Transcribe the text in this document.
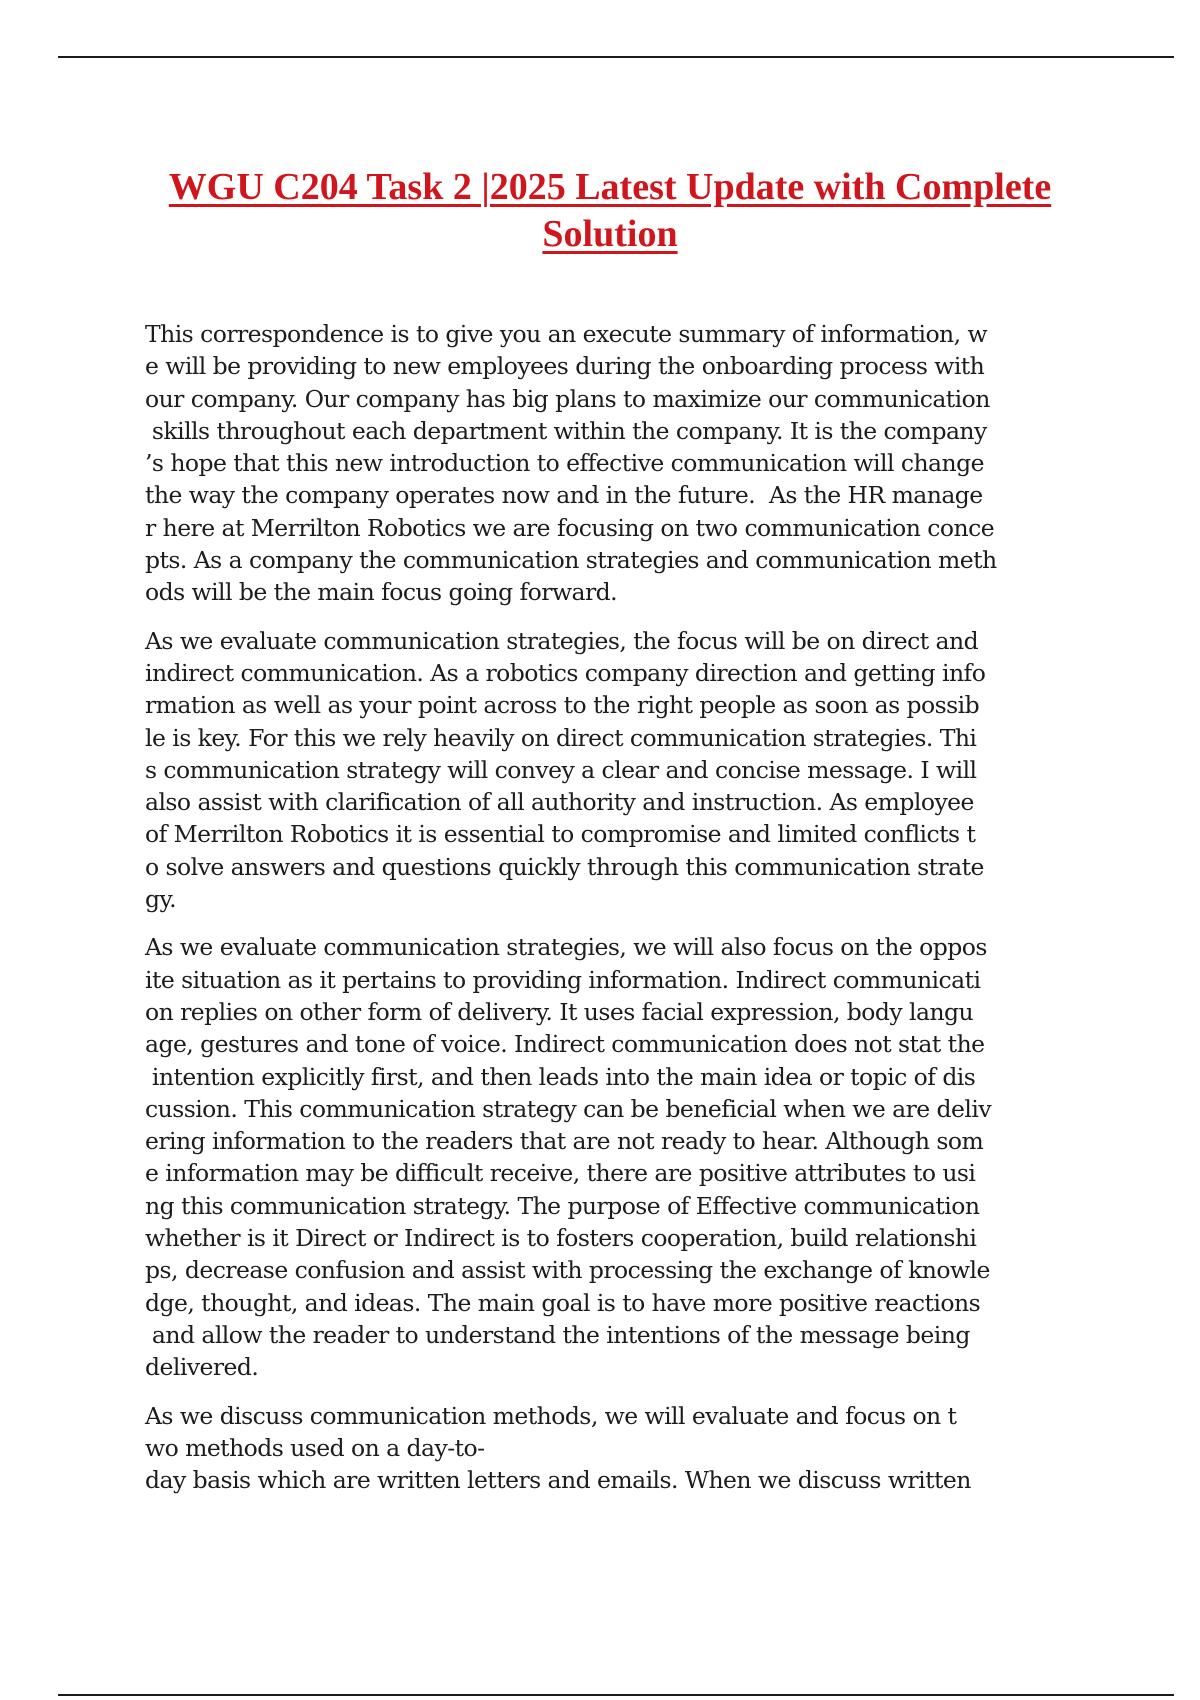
WGU C204 Task 2 |2025 Latest Update with Complete
Solution
This correspondence is to give you an execute summary of information, w
e will be providing to new employees during the onboarding process with
our company. Our company has big plans to maximize our communication
skills throughout each department within the company. It is the company
’s hope that this new introduction to effective communication will change
the way the company operates now and in the future.  As the HR manage
r here at Merrilton Robotics we are focusing on two communication conce
pts. As a company the communication strategies and communication meth
ods will be the main focus going forward.
As we evaluate communication strategies, the focus will be on direct and
indirect communication. As a robotics company direction and getting info
rmation as well as your point across to the right people as soon as possib
le is key. For this we rely heavily on direct communication strategies. Thi
s communication strategy will convey a clear and concise message. I will
also assist with clarification of all authority and instruction. As employee
of Merrilton Robotics it is essential to compromise and limited conflicts t
o solve answers and questions quickly through this communication strate
gy.
As we evaluate communication strategies, we will also focus on the oppos
ite situation as it pertains to providing information. Indirect communicati
on replies on other form of delivery. It uses facial expression, body langu
age, gestures and tone of voice. Indirect communication does not stat the
intention explicitly first, and then leads into the main idea or topic of dis
cussion. This communication strategy can be beneficial when we are deliv
ering information to the readers that are not ready to hear. Although som
e information may be difficult receive, there are positive attributes to usi
ng this communication strategy. The purpose of Effective communication
whether is it Direct or Indirect is to fosters cooperation, build relationshi
ps, decrease confusion and assist with processing the exchange of knowle
dge, thought, and ideas. The main goal is to have more positive reactions
and allow the reader to understand the intentions of the message being
delivered.
As we discuss communication methods, we will evaluate and focus on t
wo methods used on a day-to-
day basis which are written letters and emails. When we discuss written
